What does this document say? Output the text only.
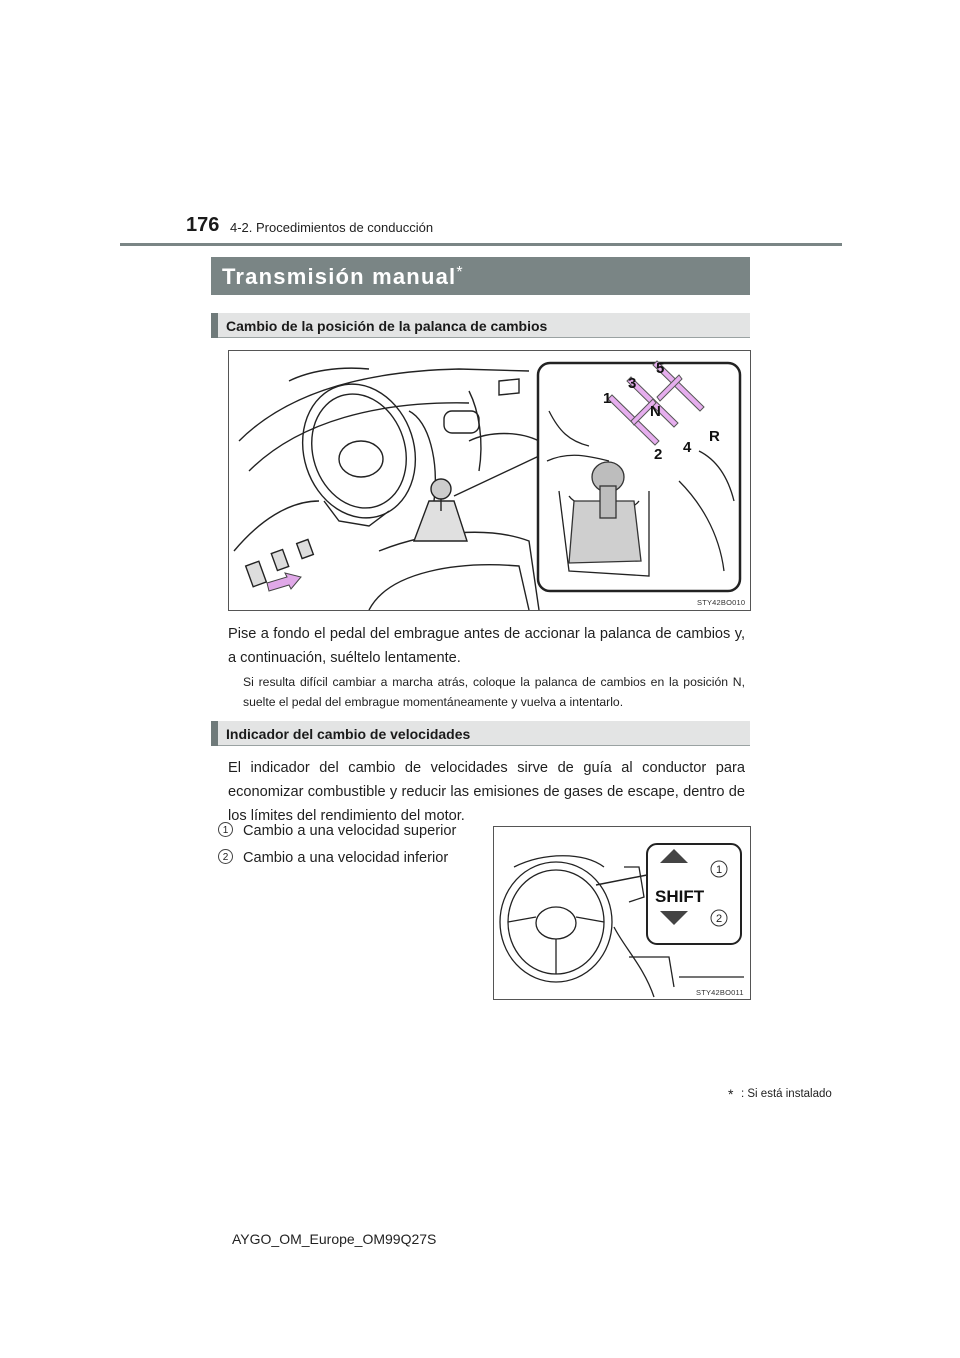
176 4-2. Procedimientos de conducción
Transmisión manual*
Cambio de la posición de la palanca de cambios
1
2
3
4
5
N
R
STY42BO010
Pise a fondo el pedal del embrague antes de accionar la palanca de cambios y, a continuación, suéltelo lentamente.
Si resulta difícil cambiar a marcha atrás, coloque la palanca de cambios en la posición N, suelte el pedal del embrague momentáneamente y vuelva a intentarlo.
Indicador del cambio de velocidades
El indicador del cambio de velocidades sirve de guía al conductor para economizar combustible y reducir las emisiones de gases de escape, dentro de los límites del rendimiento del motor.
1	Cambio a una velocidad superior
2	Cambio a una velocidad inferior
SHIFT
1
2
STY42BO011
* : Si está instalado
AYGO_OM_Europe_OM99Q27S
